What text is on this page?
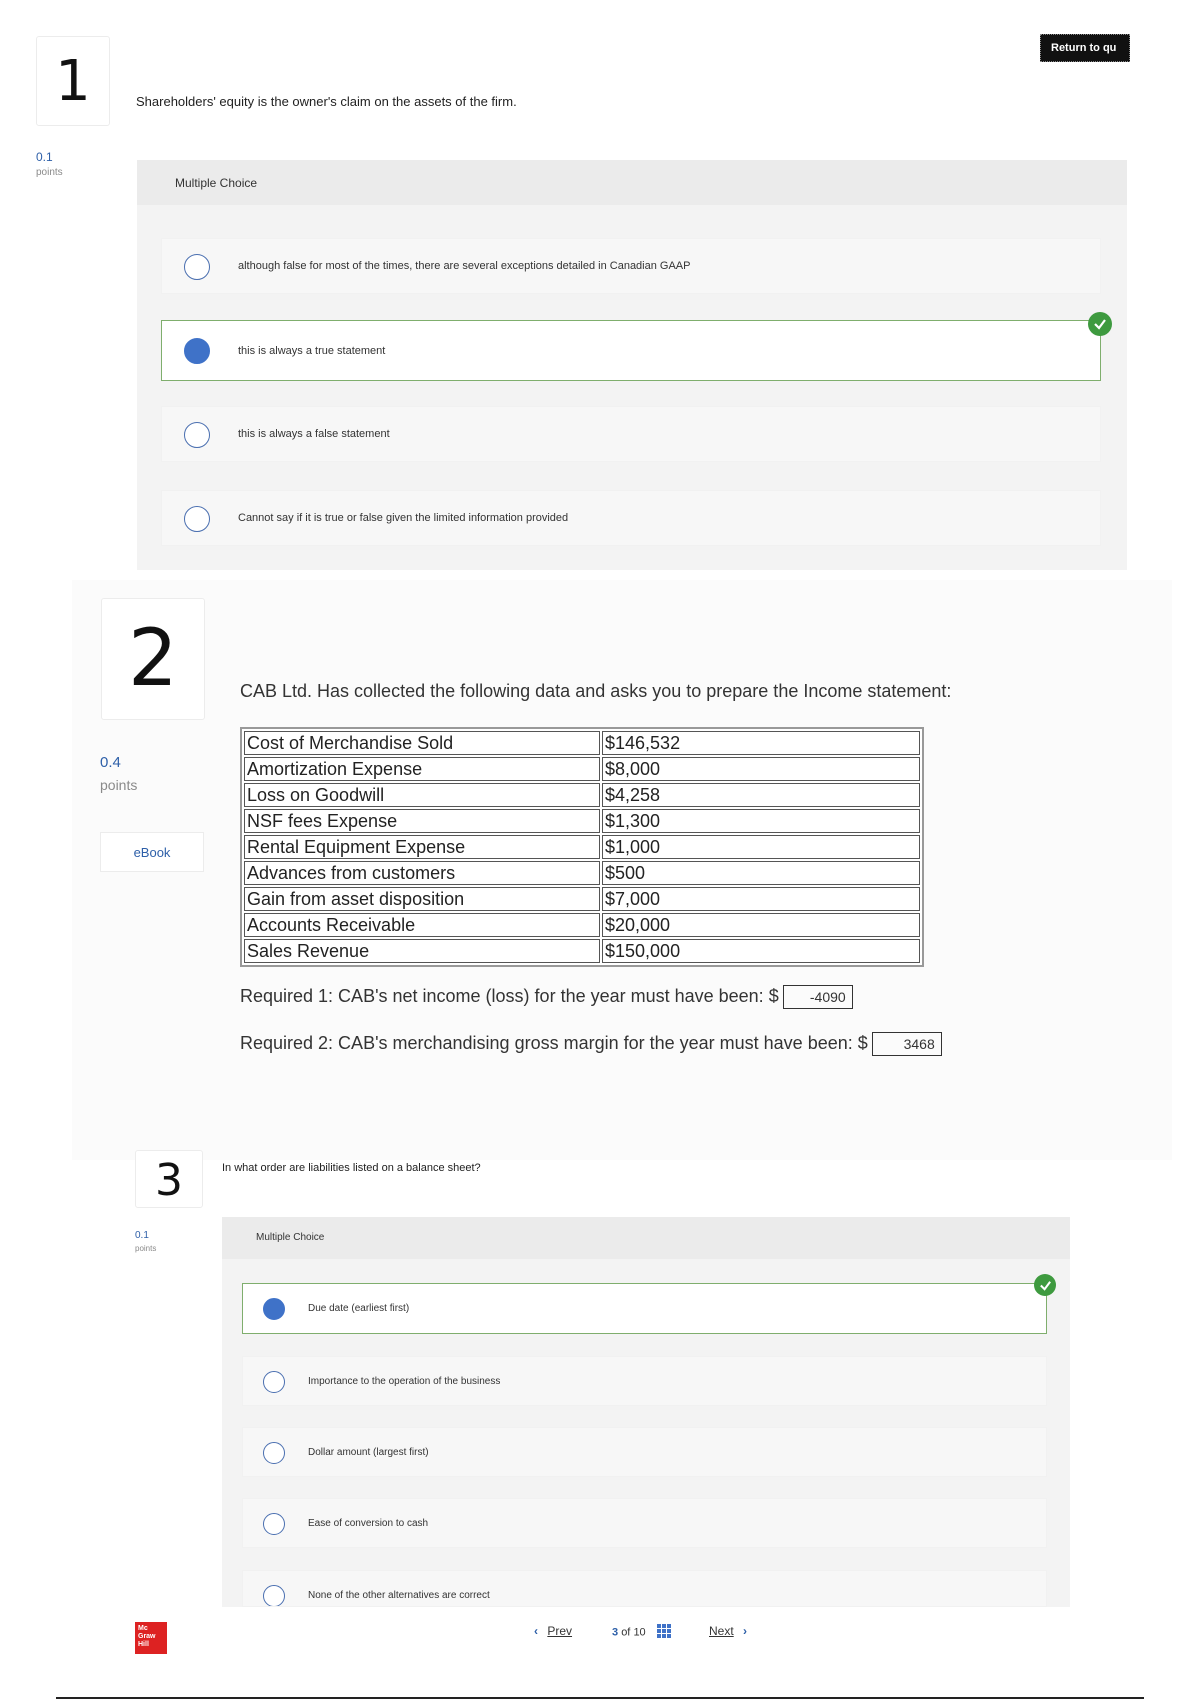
Return to qu
1
0.1
points
Shareholders' equity is the owner's claim on the assets of the firm.
Multiple Choice
although false for most of the times, there are several exceptions detailed in Canadian GAAP
this is always a true statement
this is always a false statement
Cannot say if it is true or false given the limited information provided
2
0.4
points
eBook
CAB Ltd. Has collected the following data and asks you to prepare the Income statement:
Cost of Merchandise Sold	$146,532
Amortization Expense	$8,000
Loss on Goodwill	$4,258
NSF fees Expense	$1,300
Rental Equipment Expense	$1,000
Advances from customers	$500
Gain from asset disposition	$7,000
Accounts Receivable	$20,000
Sales Revenue	$150,000
Required 1: CAB's net income (loss) for the year must have been: $ -4090
Required 2: CAB's merchandising gross margin for the year must have been: $	3468
3
0.1
points
In what order are liabilities listed on a balance sheet?
Multiple Choice
Due date (earliest first)
Importance to the operation of the business
Dollar amount (largest first)
Ease of conversion to cash
None of the other alternatives are correct
Mc Graw Hill
‹ Prev	3 of 10	Next ›
